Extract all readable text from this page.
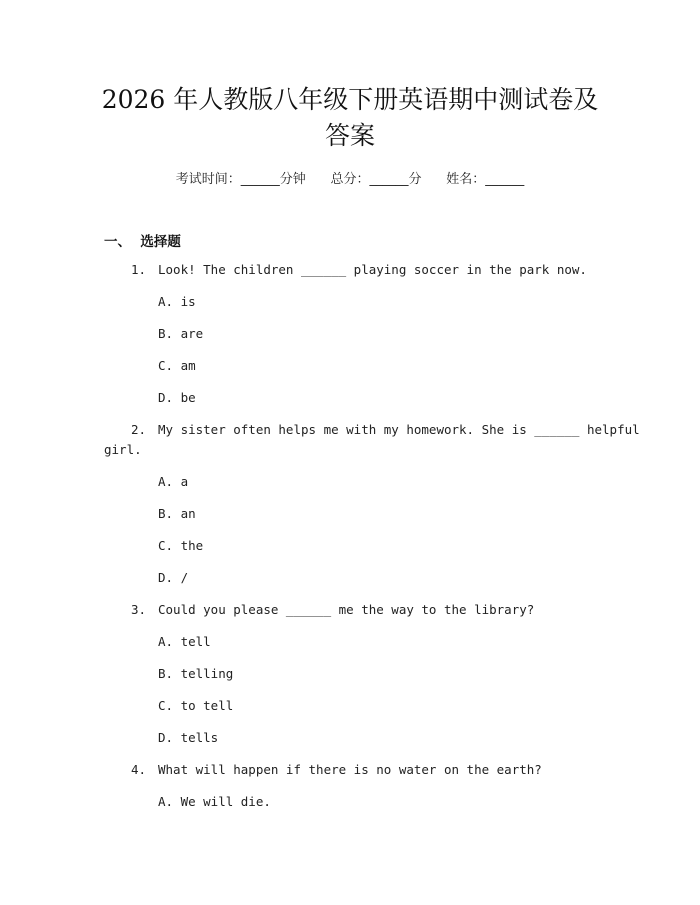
2026 年人教版八年级下册英语期中测试卷及
答案
考试时间：______分钟      总分：______分      姓名：______
一、  选择题
1. Look! The children ______ playing soccer in the park now.
A. is
B. are
C. am
D. be
2. My sister often helps me with my homework. She is ______ helpful
girl.
A. a
B. an
C. the
D. /
3. Could you please ______ me the way to the library?
A. tell
B. telling
C. to tell
D. tells
4. What will happen if there is no water on the earth?
A. We will die.
